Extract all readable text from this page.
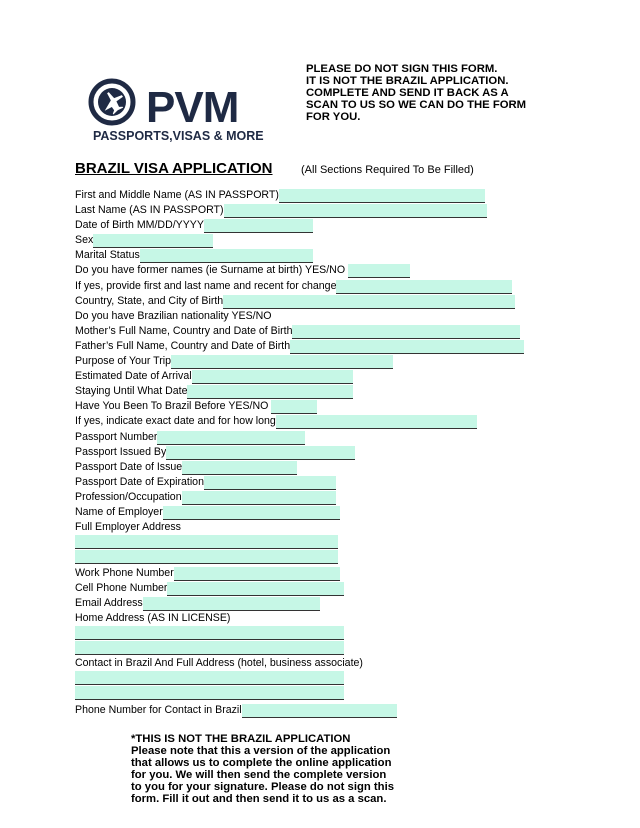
PVM
PASSPORTS,VISAS & MORE
PLEASE DO NOT SIGN THIS FORM.
IT IS NOT THE BRAZIL APPLICATION.
COMPLETE AND SEND IT BACK AS A
SCAN TO US SO WE CAN DO THE FORM
FOR YOU.
BRAZIL VISA APPLICATION	(All Sections Required To Be Filled)
First and Middle Name (AS IN PASSPORT)
Last Name (AS IN PASSPORT)
Date of Birth MM/DD/YYYY
Sex
Marital Status
Do you have former names (ie Surname at birth) YES/NO
If yes, provide first and last name and recent for change
Country, State, and City of Birth
Do you have Brazilian nationality YES/NO
Mother’s Full Name, Country and Date of Birth
Father’s Full Name, Country and Date of Birth
Purpose of Your Trip
Estimated Date of Arrival
Staying Until What Date
Have You Been To Brazil Before YES/NO
If yes, indicate exact date and for how long
Passport Number
Passport Issued By
Passport Date of Issue
Passport Date of Expiration
Profession/Occupation
Name of Employer
Full Employer Address
Work Phone Number
Cell Phone Number
Email Address
Home Address (AS IN LICENSE)
Contact in Brazil And Full Address (hotel, business associate)
Phone Number for Contact in Brazil
*THIS IS NOT THE BRAZIL APPLICATION
Please note that this a version of the application
that allows us to complete the online application
for you. We will then send the complete version
to you for your signature. Please do not sign this
form. Fill it out and then send it to us as a scan.
